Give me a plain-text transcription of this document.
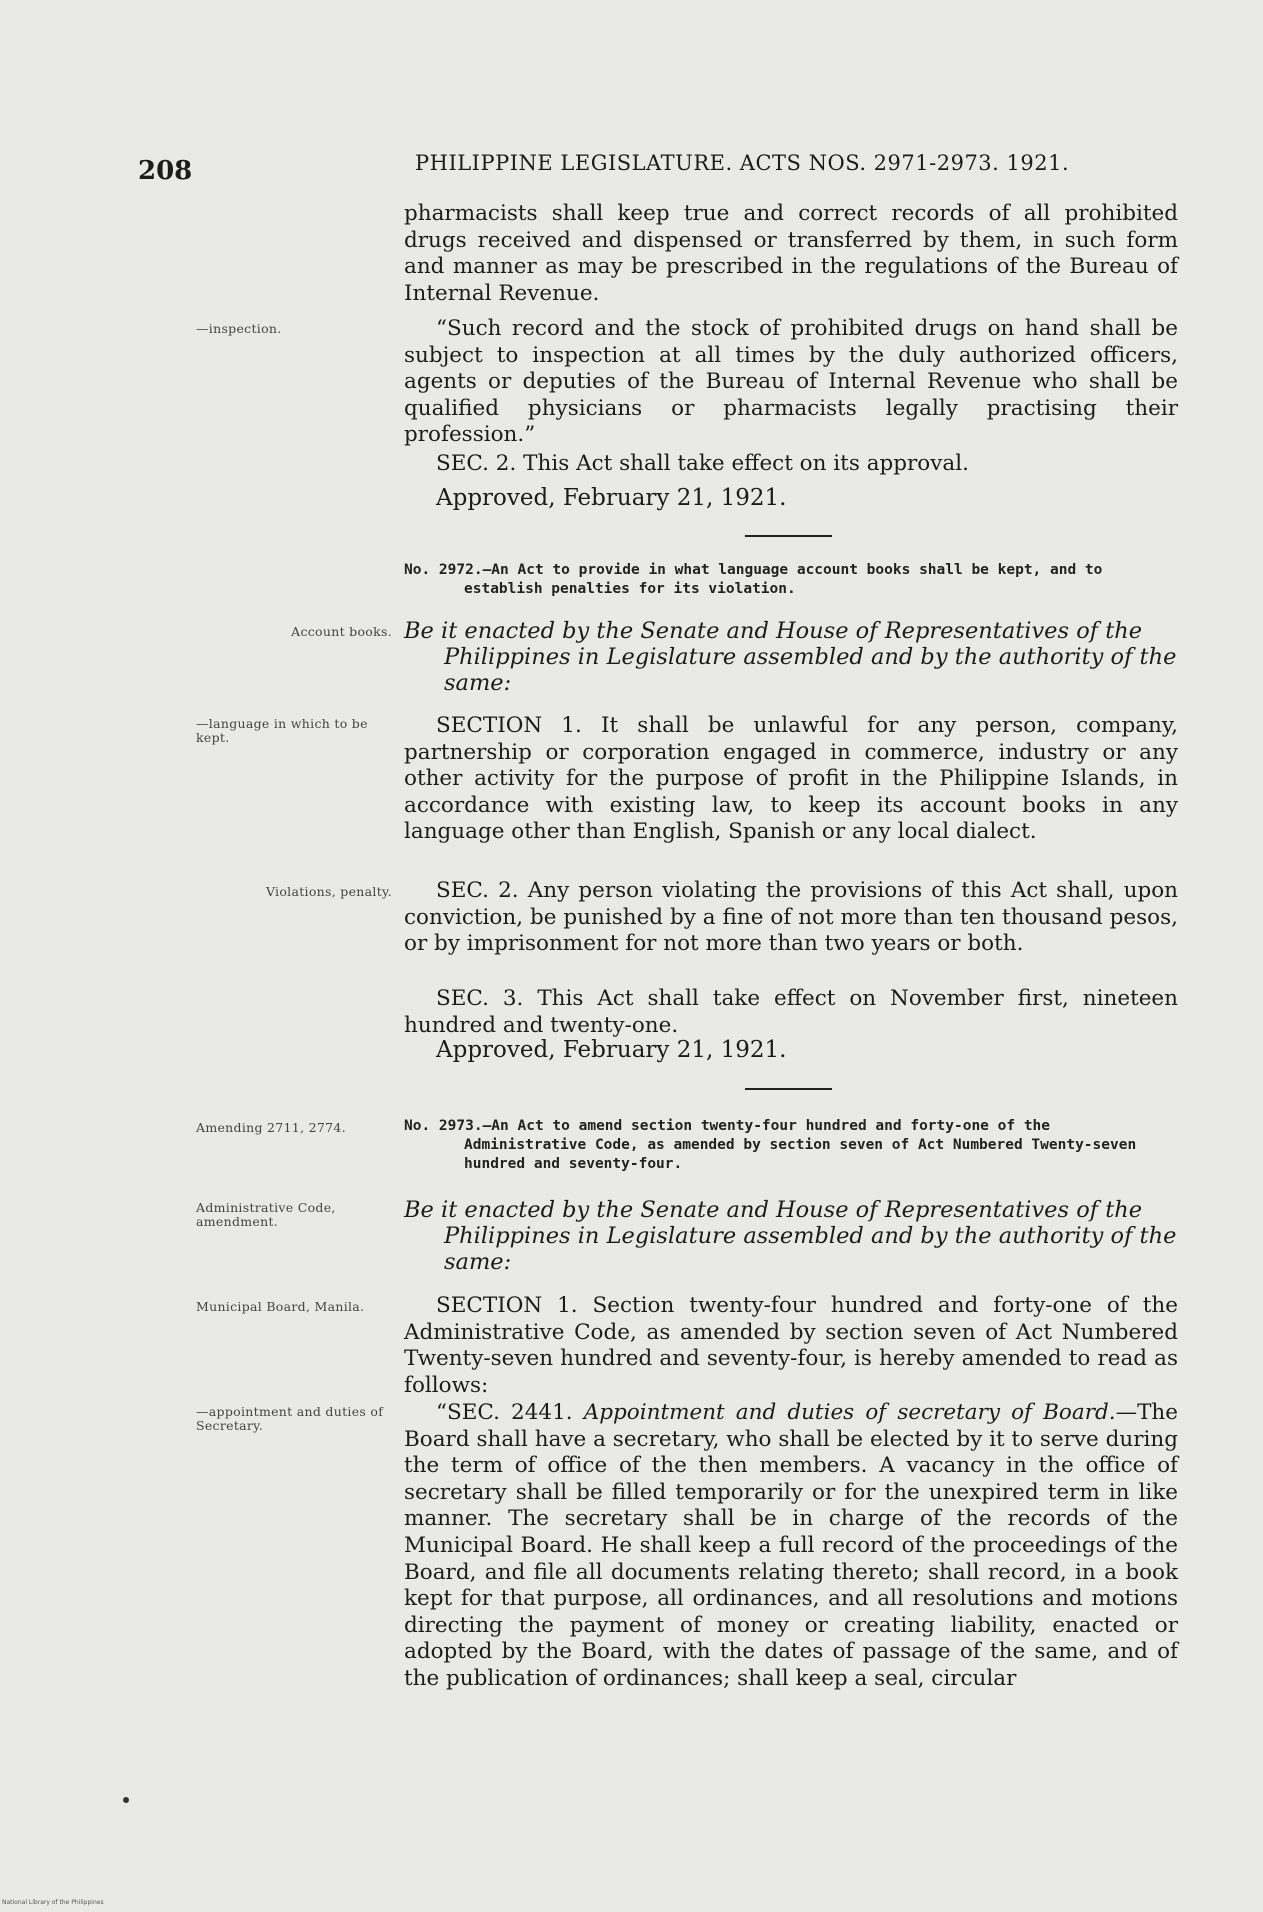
208	PHILIPPINE LEGISLATURE. ACTS NOS. 2971-2973. 1921.

pharmacists shall keep true and correct records of all prohibited drugs received and dispensed or transferred by them, in such form and manner as may be prescribed in the regulations of the Bureau of Internal Revenue.

—inspection.	“Such record and the stock of prohibited drugs on hand shall be subject to inspection at all times by the duly authorized officers, agents or deputies of the Bureau of Internal Revenue who shall be qualified physicians or pharmacists legally practising their profession.”

SEC. 2. This Act shall take effect on its approval.

Approved, February 21, 1921.

No. 2972.—An Act to provide in what language account books shall be kept, and to establish penalties for its violation.
Account books. Be it enacted by the Senate and House of Representatives of the Philippines in Legislature assembled and by the authority of the same:
—language in which to be kept.	SECTION 1. It shall be unlawful for any person, company, partnership or corporation engaged in commerce, industry or any other activity for the purpose of profit in the Philippine Islands, in accordance with existing law, to keep its account books in any language other than English, Spanish or any local dialect.

Violations, penalty.	SEC. 2. Any person violating the provisions of this Act shall, upon conviction, be punished by a fine of not more than ten thousand pesos, or by imprisonment for not more than two years or both.

SEC. 3. This Act shall take effect on November first, nineteen hundred and twenty-one.

Approved, February 21, 1921.

Amending 2711, 2774.	No. 2973.—An Act to amend section twenty-four hundred and forty-one of the Administrative Code, as amended by section seven of Act Numbered Twenty-seven hundred and seventy-four.
Administrative Code, amendment.	Be it enacted by the Senate and House of Representatives of the Philippines in Legislature assembled and by the authority of the same:
Municipal Board, Manila.	SECTION 1. Section twenty-four hundred and forty-one of the Administrative Code, as amended by section seven of Act Numbered Twenty-seven hundred and seventy-four, is hereby amended to read as follows:

—appointment and duties of Secretary.

“SEC. 2441. Appointment and duties of secretary of Board.—The Board shall have a secretary, who shall be elected by it to serve during the term of office of the then members. A vacancy in the office of secretary shall be filled temporarily or for the unexpired term in like manner. The secretary shall be in charge of the records of the Municipal Board. He shall keep a full record of the proceedings of the Board, and file all documents relating thereto; shall record, in a book kept for that purpose, all ordinances, and all resolutions and motions directing the payment of money or creating liability, enacted or adopted by the Board, with the dates of passage of the same, and of the publication of ordinances; shall keep a seal, circular

National Library of the Philippines
